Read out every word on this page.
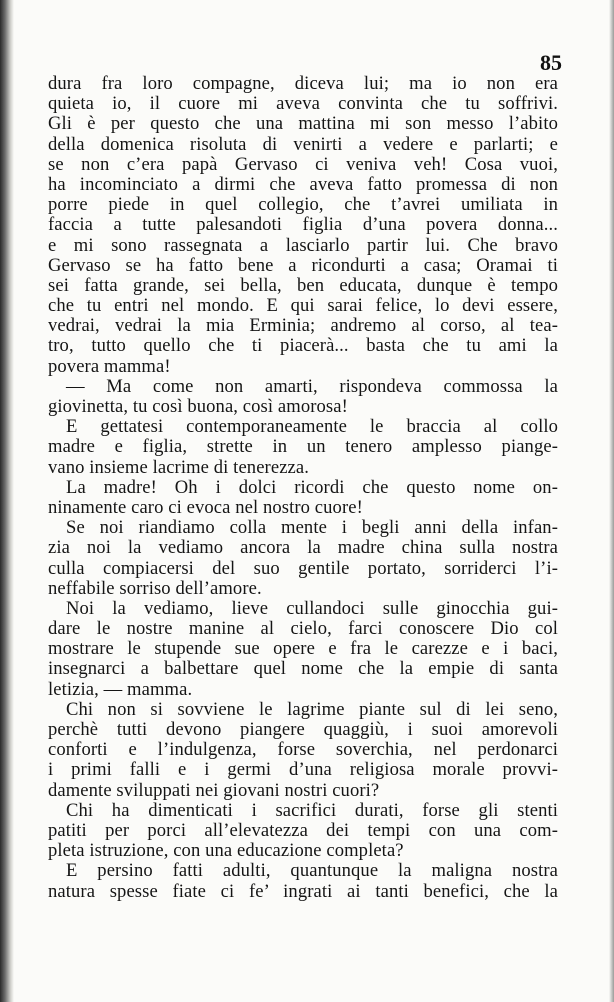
85
dura fra loro compagne, diceva lui; ma io non era
quieta io, il cuore mi aveva convinta che tu soffrivi.
Gli è per questo che una mattina mi son messo l’abito
della domenica risoluta di venirti a vedere e parlarti; e
se non c’era papà Gervaso ci veniva veh! Cosa vuoi,
ha incominciato a dirmi che aveva fatto promessa di non
porre piede in quel collegio, che t’avrei umiliata in
faccia a tutte palesandoti figlia d’una povera donna...
e mi sono rassegnata a lasciarlo partir lui. Che bravo
Gervaso se ha fatto bene a ricondurti a casa; Oramai ti
sei fatta grande, sei bella, ben educata, dunque è tempo
che tu entri nel mondo. E qui sarai felice, lo devi essere,
vedrai, vedrai la mia Erminia; andremo al corso, al tea-
tro, tutto quello che ti piacerà... basta che tu ami la
povera mamma!
— Ma come non amarti, rispondeva commossa la
giovinetta, tu così buona, così amorosa!
E gettatesi contemporaneamente le braccia al collo
madre e figlia, strette in un tenero amplesso piange-
vano insieme lacrime di tenerezza.
La madre! Oh i dolci ricordi che questo nome on-
ninamente caro ci evoca nel nostro cuore!
Se noi riandiamo colla mente i begli anni della infan-
zia noi la vediamo ancora la madre china sulla nostra
culla compiacersi del suo gentile portato, sorriderci l’i-
neffabile sorriso dell’amore.
Noi la vediamo, lieve cullandoci sulle ginocchia gui-
dare le nostre manine al cielo, farci conoscere Dio col
mostrare le stupende sue opere e fra le carezze e i baci,
insegnarci a balbettare quel nome che la empie di santa
letizia, — mamma.
Chi non si sovviene le lagrime piante sul di lei seno,
perchè tutti devono piangere quaggiù, i suoi amorevoli
conforti e l’indulgenza, forse soverchia, nel perdonarci
i primi falli e i germi d’una religiosa morale provvi-
damente sviluppati nei giovani nostri cuori?
Chi ha dimenticati i sacrifici durati, forse gli stenti
patiti per porci all’elevatezza dei tempi con una com-
pleta istruzione, con una educazione completa?
E persino fatti adulti, quantunque la maligna nostra
natura spesse fiate ci fe’ ingrati ai tanti benefici, che la
